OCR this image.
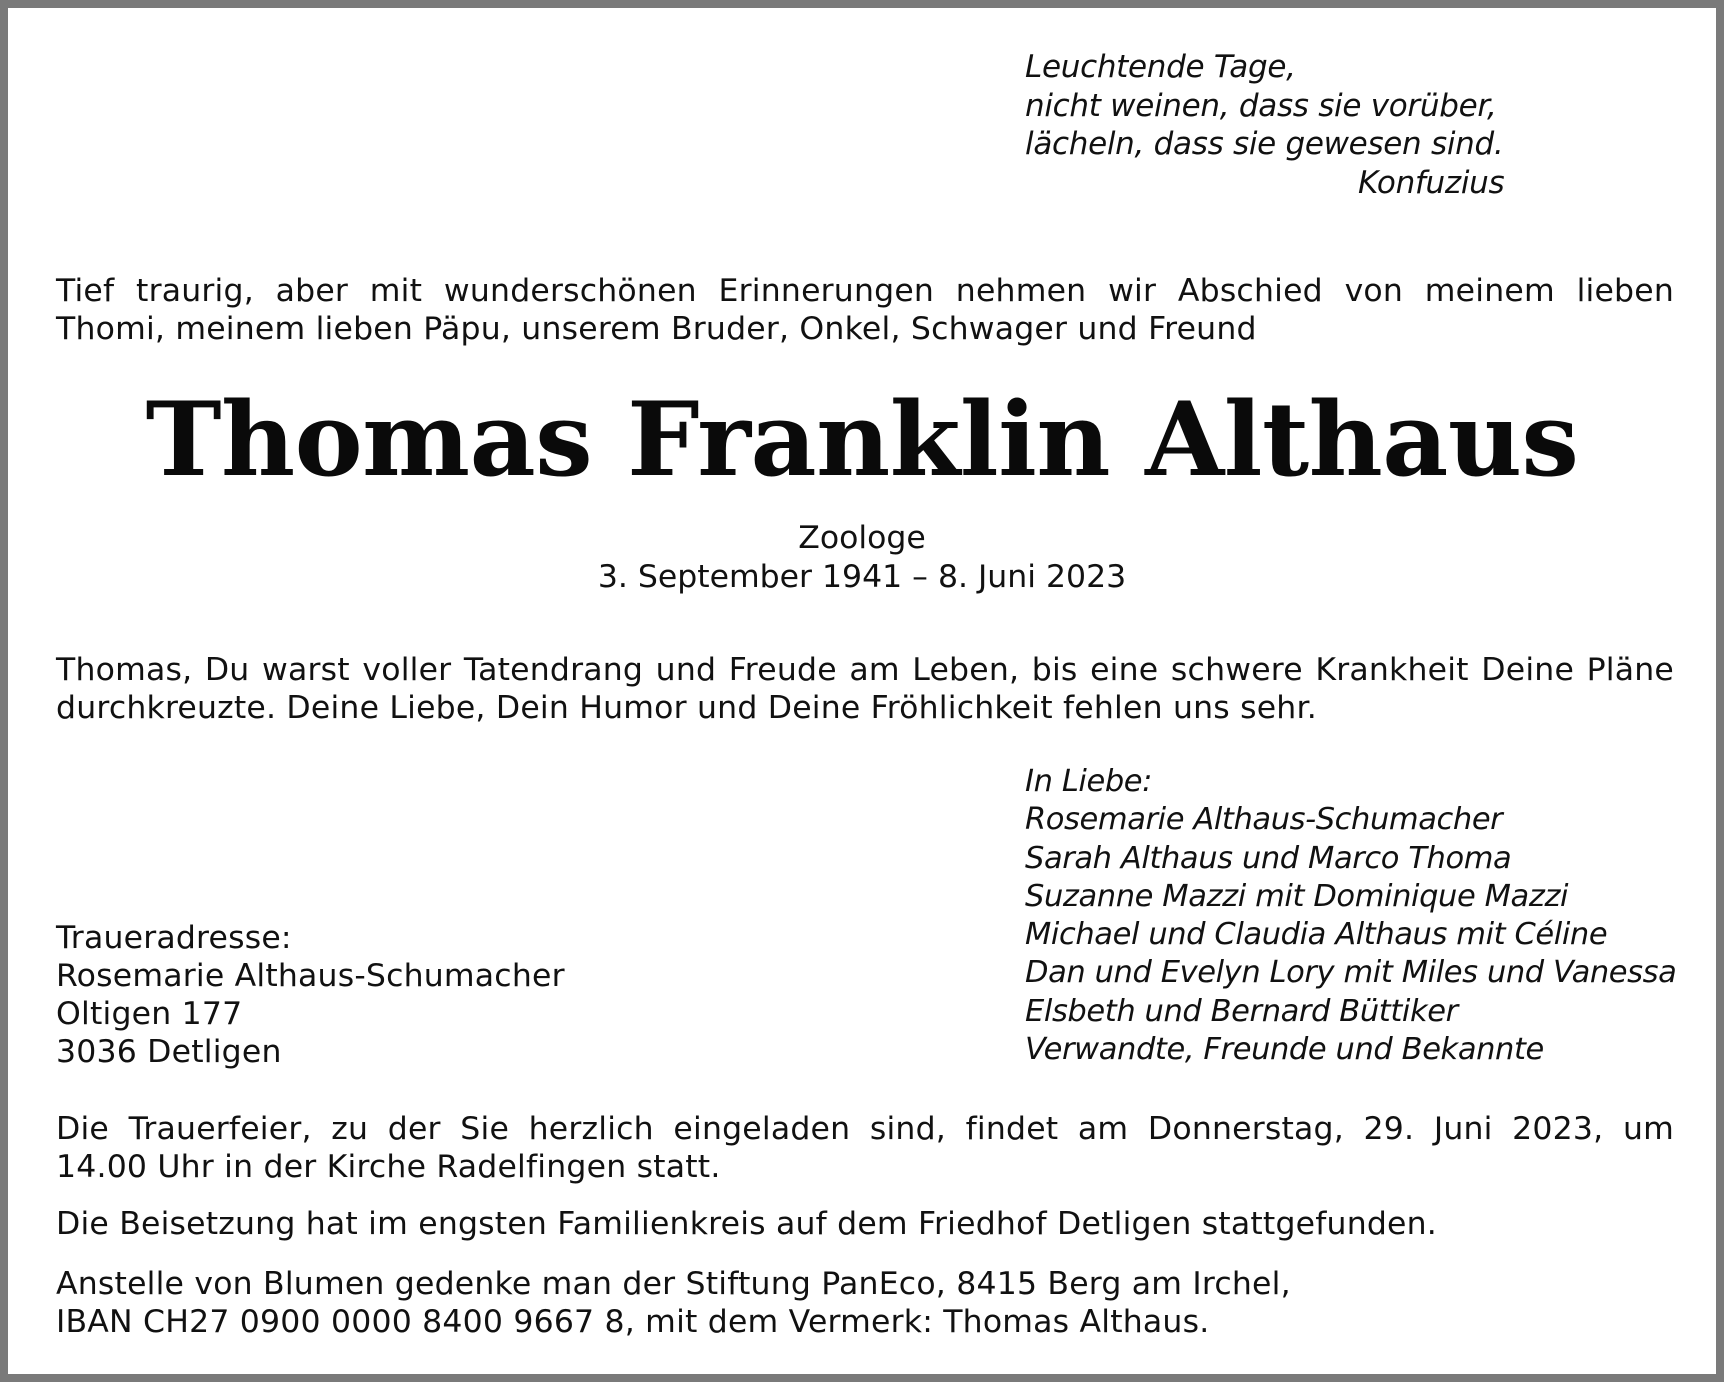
Leuchtende Tage,
nicht weinen, dass sie vorüber,
lächeln, dass sie gewesen sind.
Konfuzius
Tief traurig, aber mit wunderschönen Erinnerungen nehmen wir Abschied von meinem lieben
Thomi, meinem lieben Päpu, unserem Bruder, Onkel, Schwager und Freund
Thomas Franklin Althaus
Zoologe
3. September 1941 – 8. Juni 2023
Thomas, Du warst voller Tatendrang und Freude am Leben, bis eine schwere Krankheit Deine Pläne
durchkreuzte. Deine Liebe, Dein Humor und Deine Fröhlichkeit fehlen uns sehr.
In Liebe:
Rosemarie Althaus-Schumacher
Sarah Althaus und Marco Thoma
Suzanne Mazzi mit Dominique Mazzi
Michael und Claudia Althaus mit Céline
Dan und Evelyn Lory mit Miles und Vanessa
Elsbeth und Bernard Büttiker
Verwandte, Freunde und Bekannte
Traueradresse:
Rosemarie Althaus-Schumacher
Oltigen 177
3036 Detligen
Die Trauerfeier, zu der Sie herzlich eingeladen sind, findet am Donnerstag, 29. Juni 2023, um
14.00 Uhr in der Kirche Radelfingen statt.
Die Beisetzung hat im engsten Familienkreis auf dem Friedhof Detligen stattgefunden.
Anstelle von Blumen gedenke man der Stiftung PanEco, 8415 Berg am Irchel,
IBAN CH27 0900 0000 8400 9667 8, mit dem Vermerk: Thomas Althaus.
